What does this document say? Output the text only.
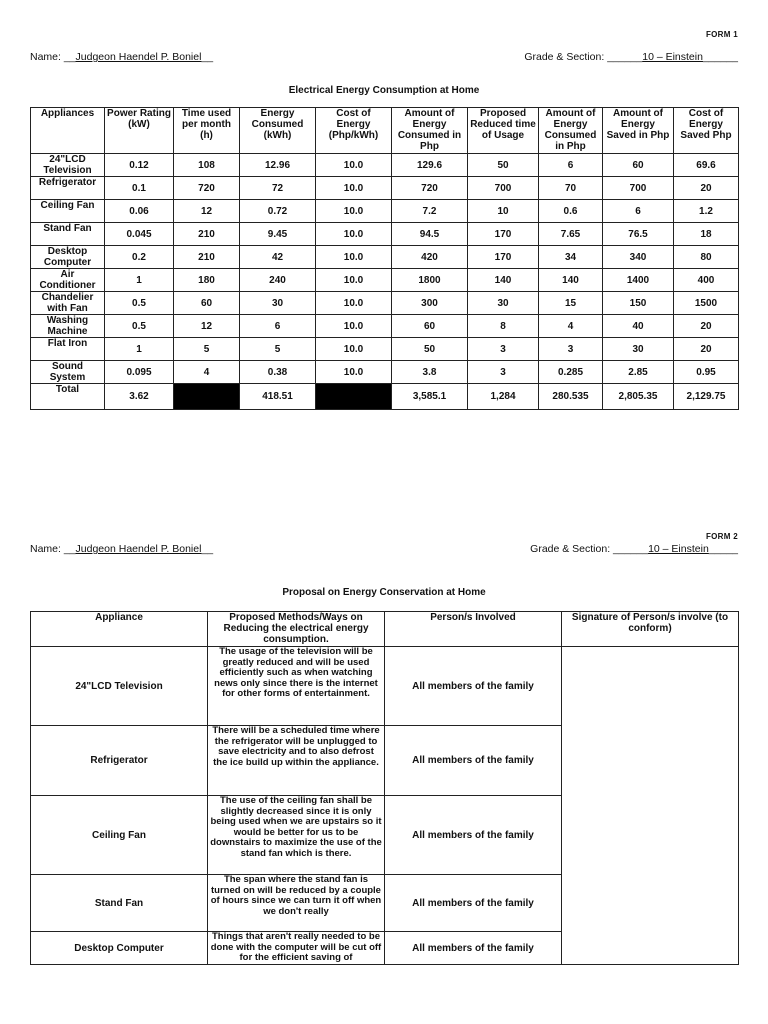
FORM 1
Name: __Judgeon Haendel P. Boniel__	Grade & Section: ______10 – Einstein______
Electrical Energy Consumption at Home
Appliances	Power Rating (kW)	Time used per month (h)	Energy Consumed (kWh)	Cost of Energy (Php/kWh)	Amount of Energy Consumed in Php	Proposed Reduced time of Usage	Amount of Energy Consumed in Php	Amount of Energy Saved in Php	Cost of Energy Saved Php
24"LCD Television	0.12	108	12.96	10.0	129.6	50	6	60	69.6
Refrigerator	0.1	720	72	10.0	720	700	70	700	20
Ceiling Fan	0.06	12	0.72	10.0	7.2	10	0.6	6	1.2
Stand Fan	0.045	210	9.45	10.0	94.5	170	7.65	76.5	18
Desktop Computer	0.2	210	42	10.0	420	170	34	340	80
Air Conditioner	1	180	240	10.0	1800	140	140	1400	400
Chandelier with Fan	0.5	60	30	10.0	300	30	15	150	1500
Washing Machine	0.5	12	6	10.0	60	8	4	40	20
Flat Iron	1	5	5	10.0	50	3	3	30	20
Sound System	0.095	4	0.38	10.0	3.8	3	0.285	2.85	0.95
Total	3.62		418.51		3,585.1	1,284	280.535	2,805.35	2,129.75
FORM 2
Name: __Judgeon Haendel P. Boniel__	Grade & Section: ______10 – Einstein_____
Proposal on Energy Conservation at Home
Appliance	Proposed Methods/Ways on Reducing the electrical energy consumption.	Person/s Involved	Signature of Person/s involve (to conform)
24"LCD Television	The usage of the television will be greatly reduced and will be used efficiently such as when watching news only since there is the internet for other forms of entertainment.	All members of the family	
Refrigerator	There will be a scheduled time where the refrigerator will be unplugged to save electricity and to also defrost the ice build up within the appliance.	All members of the family	
Ceiling Fan	The use of the ceiling fan shall be slightly decreased since it is only being used when we are upstairs so it would be better for us to be downstairs to maximize the use of the stand fan which is there.	All members of the family	
Stand Fan	The span where the stand fan is turned on will be reduced by a couple of hours since we can turn it off when we don't really	All members of the family	
Desktop Computer	Things that aren't really needed to be done with the computer will be cut off for the efficient saving of	All members of the family	
